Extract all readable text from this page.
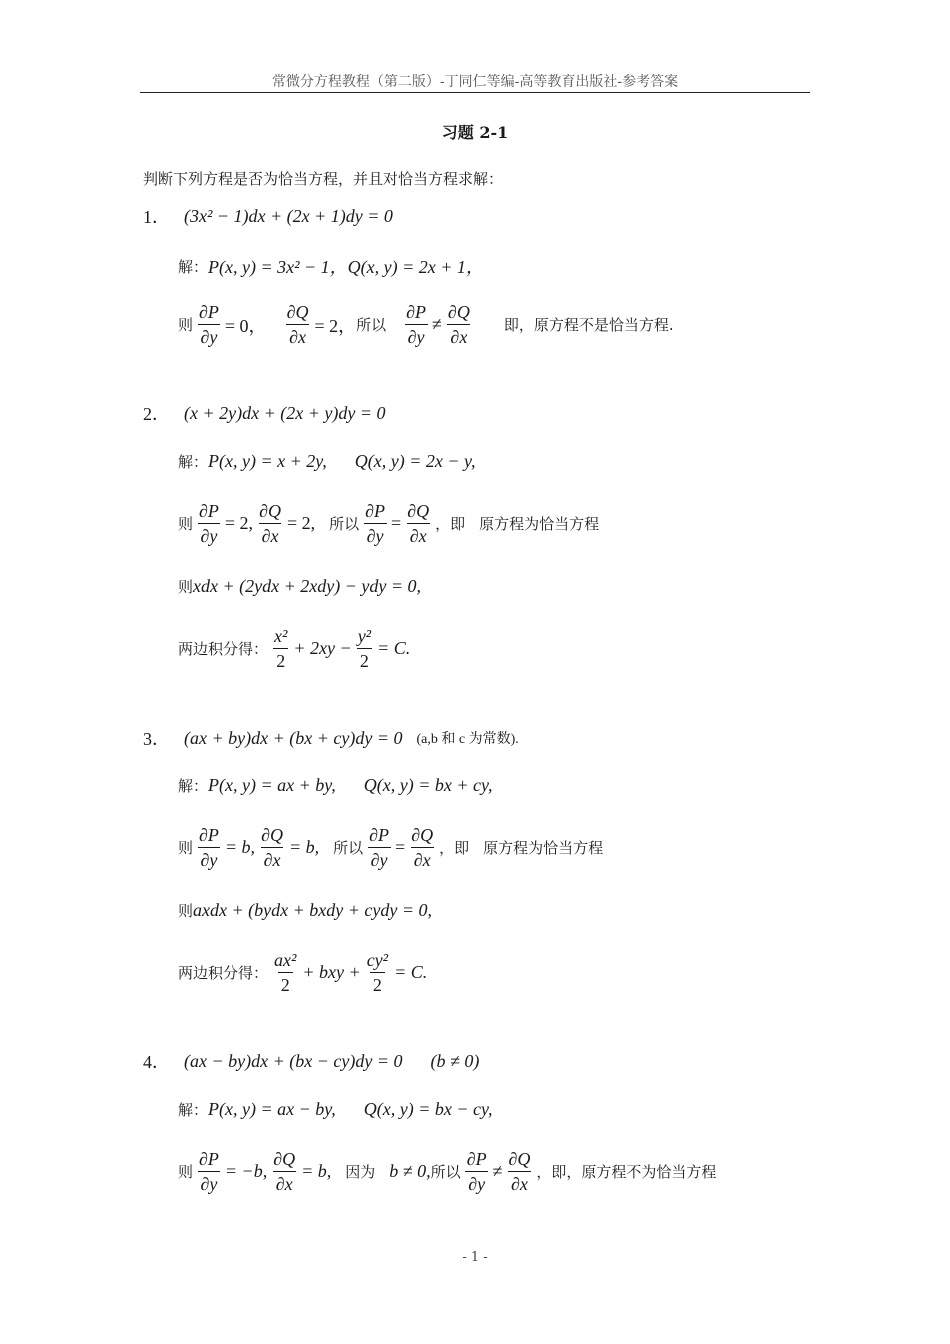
常微分方程教程（第二版）-丁同仁等编-高等教育出版社-参考答案
习题 2-1
判断下列方程是否为恰当方程，并且对恰当方程求解：
1． (3x² − 1)dx + (2x + 1)dy = 0
解： P(x, y) = 3x² − 1， Q(x, y) = 2x + 1，
则 $\frac{\partial P}{\partial y} = 0$， $\frac{\partial Q}{\partial x} = 2$， 所以 $\frac{\partial P}{\partial y} \ne \frac{\partial Q}{\partial x}$ 即，原方程不是恰当方程.
2． (x + 2y)dx + (2x + y)dy = 0
解： P(x, y) = x + 2y, Q(x, y) = 2x − y,
则 $\frac{\partial P}{\partial y} = 2$, $\frac{\partial Q}{\partial x} = 2$, 所以 $\frac{\partial P}{\partial y} = \frac{\partial Q}{\partial x}$ ， 即 原方程为恰当方程
则 xdx + (2ydx + 2xdy) − ydy = 0,
两边积分得： $\frac{\text{x²}}{2} + 2xy - \frac{\text{y²}}{2} = C$.
3． (ax + by)dx + (bx + cy)dy = 0 (a,b 和 c 为常数).
解： P(x, y) = ax + by, Q(x, y) = bx + cy,
则 $\frac{\partial P}{\partial y} = b$, $\frac{\partial Q}{\partial x} = b$, 所以 $\frac{\partial P}{\partial y} = \frac{\partial Q}{\partial x}$ ， 即 原方程为恰当方程
则 axdx + (bydx + bxdy + cydy = 0,
两边积分得： $\frac{\text{ax²}}{2}$ + bxy + $\frac{\text{cy²}}{2} = C$.
4． (ax − by)dx + (bx − cy)dy = 0 (b ≠ 0)
解： P(x, y) = ax − by, Q(x, y) = bx − cy,
则 $\frac{\partial P}{\partial y} = -b$, $\frac{\partial Q}{\partial x} = b$, 因为 b ≠ 0, 所以 $\frac{\partial P}{\partial y} \ne \frac{\partial Q}{\partial x}$ ，即，原方程不为恰当方程
- 1 -
